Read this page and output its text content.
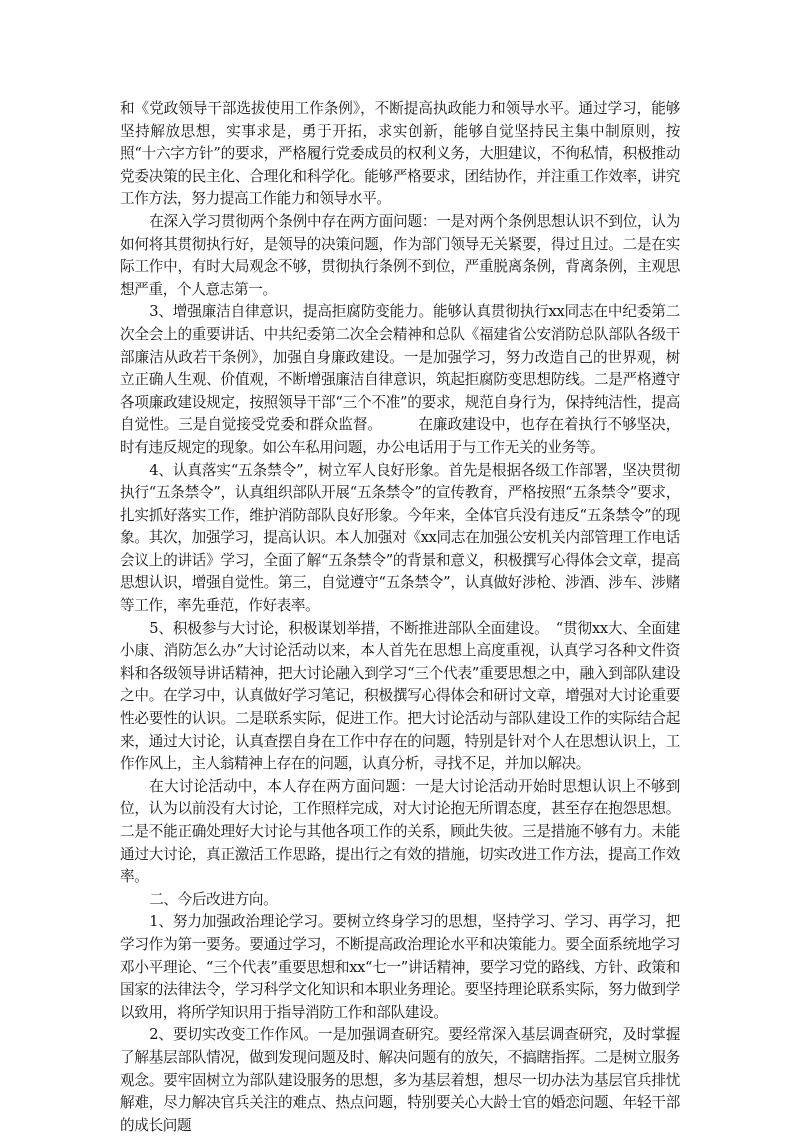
和《党政领导干部选拔使用工作条例》，不断提高执政能力和领导水平。通过学习，能够坚持解放思想，实事求是，勇于开拓，求实创新，能够自觉坚持民主集中制原则，按照“十六字方针”的要求，严格履行党委成员的权利义务，大胆建议，不徇私情，积极推动党委决策的民主化、合理化和科学化。能够严格要求，团结协作，并注重工作效率，讲究工作方法，努力提高工作能力和领导水平。

在深入学习贯彻两个条例中存在两方面问题：一是对两个条例思想认识不到位，认为如何将其贯彻执行好，是领导的决策问题，作为部门领导无关紧要，得过且过。二是在实际工作中，有时大局观念不够，贯彻执行条例不到位，严重脱离条例，背离条例，主观思想严重，个人意志第一。

3、增强廉洁自律意识，提高拒腐防变能力。能够认真贯彻执行xx同志在中纪委第二次全会上的重要讲话、中共纪委第二次全会精神和总队《福建省公安消防总队部队各级干部廉洁从政若干条例》，加强自身廉政建设。一是加强学习，努力改造自己的世界观，树立正确人生观、价值观，不断增强廉洁自律意识，筑起拒腐防变思想防线。二是严格遵守各项廉政建设规定，按照领导干部“三个不准”的要求，规范自身行为，保持纯洁性，提高自觉性。三是自觉接受党委和群众监督。　　　在廉政建设中，也存在着执行不够坚决，时有违反规定的现象。如公车私用问题，办公电话用于与工作无关的业务等。

4、认真落实“五条禁令”，树立军人良好形象。首先是根据各级工作部署，坚决贯彻执行“五条禁令”，认真组织部队开展“五条禁令”的宣传教育，严格按照“五条禁令”要求，扎实抓好落实工作，维护消防部队良好形象。今年来，全体官兵没有违反“五条禁令”的现象。其次，加强学习，提高认识。本人加强对《xx同志在加强公安机关内部管理工作电话会议上的讲话》学习，全面了解“五条禁令”的背景和意义，积极撰写心得体会文章，提高思想认识，增强自觉性。第三，自觉遵守“五条禁令”，认真做好涉枪、涉酒、涉车、涉赌等工作，率先垂范，作好表率。

5、积极参与大讨论，积极谋划举措，不断推进部队全面建设。　“贯彻xx大、全面建小康、消防怎么办”大讨论活动以来，本人首先在思想上高度重视，认真学习各种文件资料和各级领导讲话精神，把大讨论融入到学习“三个代表”重要思想之中，融入到部队建设之中。在学习中，认真做好学习笔记，积极撰写心得体会和研讨文章，增强对大讨论重要性必要性的认识。二是联系实际，促进工作。把大讨论活动与部队建设工作的实际结合起来，通过大讨论，认真查摆自身在工作中存在的问题，特别是针对个人在思想认识上，工作作风上，主人翁精神上存在的问题，认真分析，寻找不足，并加以解决。

在大讨论活动中，本人存在两方面问题：一是大讨论活动开始时思想认识上不够到位，认为以前没有大讨论，工作照样完成，对大讨论抱无所谓态度，甚至存在抱怨思想。二是不能正确处理好大讨论与其他各项工作的关系，顾此失彼。三是措施不够有力。未能通过大讨论，真正激活工作思路，提出行之有效的措施，切实改进工作方法，提高工作效率。

二、今后改进方向。

1、努力加强政治理论学习。要树立终身学习的思想，坚持学习、学习、再学习，把学习作为第一要务。要通过学习，不断提高政治理论水平和决策能力。要全面系统地学习邓小平理论、“三个代表”重要思想和xx“七一”讲话精神，要学习党的路线、方针、政策和国家的法律法令，学习科学文化知识和本职业务理论。要坚持理论联系实际，努力做到学以致用，将所学知识用于指导消防工作和部队建设。

2、要切实改变工作作风。一是加强调查研究。要经常深入基层调查研究，及时掌握了解基层部队情况，做到发现问题及时、解决问题有的放矢，不搞瞎指挥。二是树立服务观念。要牢固树立为部队建设服务的思想，多为基层着想，想尽一切办法为基层官兵排忧解难，尽力解决官兵关注的难点、热点问题，特别要关心大龄士官的婚恋问题、年轻干部的成长问题
